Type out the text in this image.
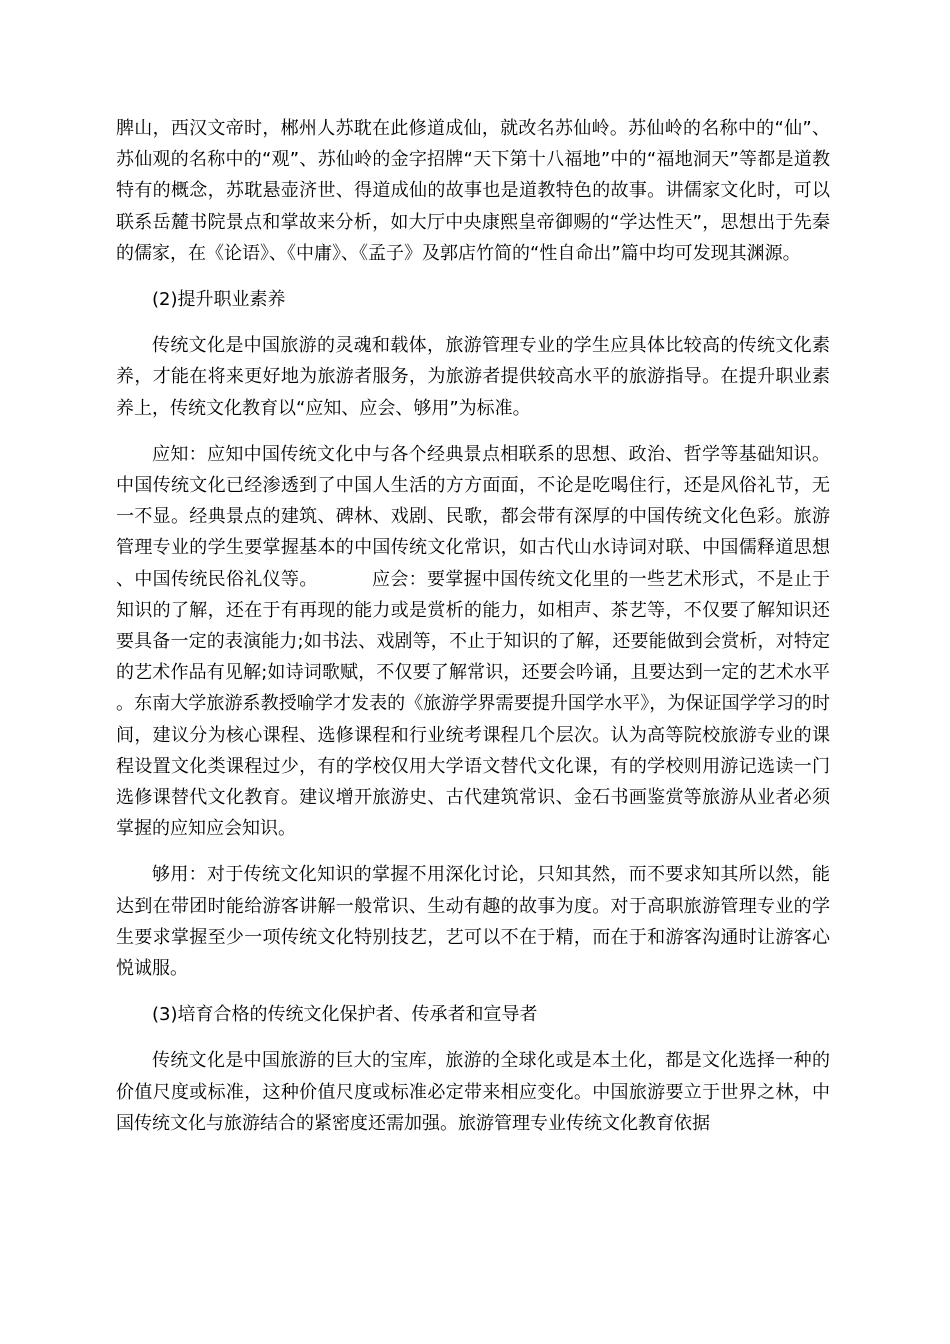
脾山，西汉文帝时，郴州人苏耽在此修道成仙，就改名苏仙岭。苏仙岭的名称中的“仙”、苏仙观的名称中的“观”、苏仙岭的金字招牌“天下第十八福地”中的“福地洞天”等都是道教特有的概念，苏耽悬壶济世、得道成仙的故事也是道教特色的故事。讲儒家文化时，可以联系岳麓书院景点和掌故来分析，如大厅中央康熙皇帝御赐的“学达性天”，思想出于先秦的儒家，在《论语》、《中庸》、《孟子》及郭店竹简的“性自命出”篇中均可发现其渊源。

(2)提升职业素养

传统文化是中国旅游的灵魂和载体，旅游管理专业的学生应具体比较高的传统文化素养，才能在将来更好地为旅游者服务，为旅游者提供较高水平的旅游指导。在提升职业素养上，传统文化教育以“应知、应会、够用”为标准。

应知：应知中国传统文化中与各个经典景点相联系的思想、政治、哲学等基础知识。中国传统文化已经渗透到了中国人生活的方方面面，不论是吃喝住行，还是风俗礼节，无一不显。经典景点的建筑、碑林、戏剧、民歌，都会带有深厚的中国传统文化色彩。旅游管理专业的学生要掌握基本的中国传统文化常识，如古代山水诗词对联、中国儒释道思想、中国传统民俗礼仪等。	应会：要掌握中国传统文化里的一些艺术形式，不是止于知识的了解，还在于有再现的能力或是赏析的能力，如相声、茶艺等，不仅要了解知识还要具备一定的表演能力;如书法、戏剧等，不止于知识的了解，还要能做到会赏析，对特定的艺术作品有见解;如诗词歌赋，不仅要了解常识，还要会吟诵，且要达到一定的艺术水平。东南大学旅游系教授喻学才发表的《旅游学界需要提升国学水平》，为保证国学学习的时间，建议分为核心课程、选修课程和行业统考课程几个层次。认为高等院校旅游专业的课程设置文化类课程过少，有的学校仅用大学语文替代文化课，有的学校则用游记选读一门选修课替代文化教育。建议增开旅游史、古代建筑常识、金石书画鉴赏等旅游从业者必须掌握的应知应会知识。

够用：对于传统文化知识的掌握不用深化讨论，只知其然，而不要求知其所以然，能达到在带团时能给游客讲解一般常识、生动有趣的故事为度。对于高职旅游管理专业的学生要求掌握至少一项传统文化特别技艺，艺可以不在于精，而在于和游客沟通时让游客心悦诚服。

(3)培育合格的传统文化保护者、传承者和宣导者

传统文化是中国旅游的巨大的宝库，旅游的全球化或是本土化，都是文化选择一种的价值尺度或标准，这种价值尺度或标准必定带来相应变化。中国旅游要立于世界之林，中国传统文化与旅游结合的紧密度还需加强。旅游管理专业传统文化教育依据
